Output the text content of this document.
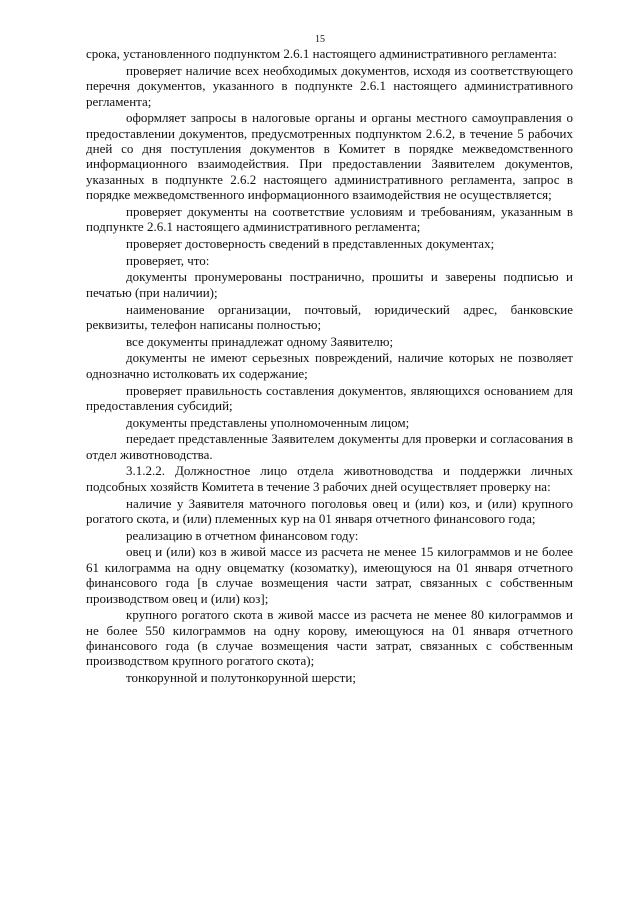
15

срока, установленного подпунктом 2.6.1 настоящего административного регламента:

проверяет наличие всех необходимых документов, исходя из соответствующего перечня документов, указанного в подпункте 2.6.1 настоящего административного регламента;

оформляет запросы в налоговые органы и органы местного самоуправления о предоставлении документов, предусмотренных подпунктом 2.6.2, в течение 5 рабочих дней со дня поступления документов в Комитет в порядке межведомственного информационного взаимодействия. При предоставлении Заявителем документов, указанных в подпункте 2.6.2 настоящего административного регламента, запрос в порядке межведомственного информационного взаимодействия не осуществляется;

проверяет документы на соответствие условиям и требованиям, указанным в подпункте 2.6.1 настоящего административного регламента;

проверяет достоверность сведений в представленных документах;

проверяет, что:

документы пронумерованы постранично, прошиты и заверены подписью и печатью (при наличии);

наименование организации, почтовый, юридический адрес, банковские реквизиты, телефон написаны полностью;

все документы принадлежат одному Заявителю;

документы не имеют серьезных повреждений, наличие которых не позволяет однозначно истолковать их содержание;

проверяет правильность составления документов, являющихся основанием для предоставления субсидий;

документы представлены уполномоченным лицом;

передает представленные Заявителем документы для проверки и согласования в отдел животноводства.

3.1.2.2. Должностное лицо отдела животноводства и поддержки личных подсобных хозяйств Комитета в течение 3 рабочих дней осуществляет проверку на:

наличие у Заявителя маточного поголовья овец и (или) коз, и (или) крупного рогатого скота, и (или) племенных кур на 01 января отчетного финансового года;

реализацию в отчетном финансовом году:

овец и (или) коз в живой массе из расчета не менее 15 килограммов и не более 61 килограмма на одну овцематку (козоматку), имеющуюся на 01 января отчетного финансового года [в случае возмещения части затрат, связанных с собственным производством овец и (или) коз];

крупного рогатого скота в живой массе из расчета не менее 80 килограммов и не более 550 килограммов на одну корову, имеющуюся на 01 января отчетного финансового года (в случае возмещения части затрат, связанных с собственным производством крупного рогатого скота);

тонкорунной и полутонкорунной шерсти;
